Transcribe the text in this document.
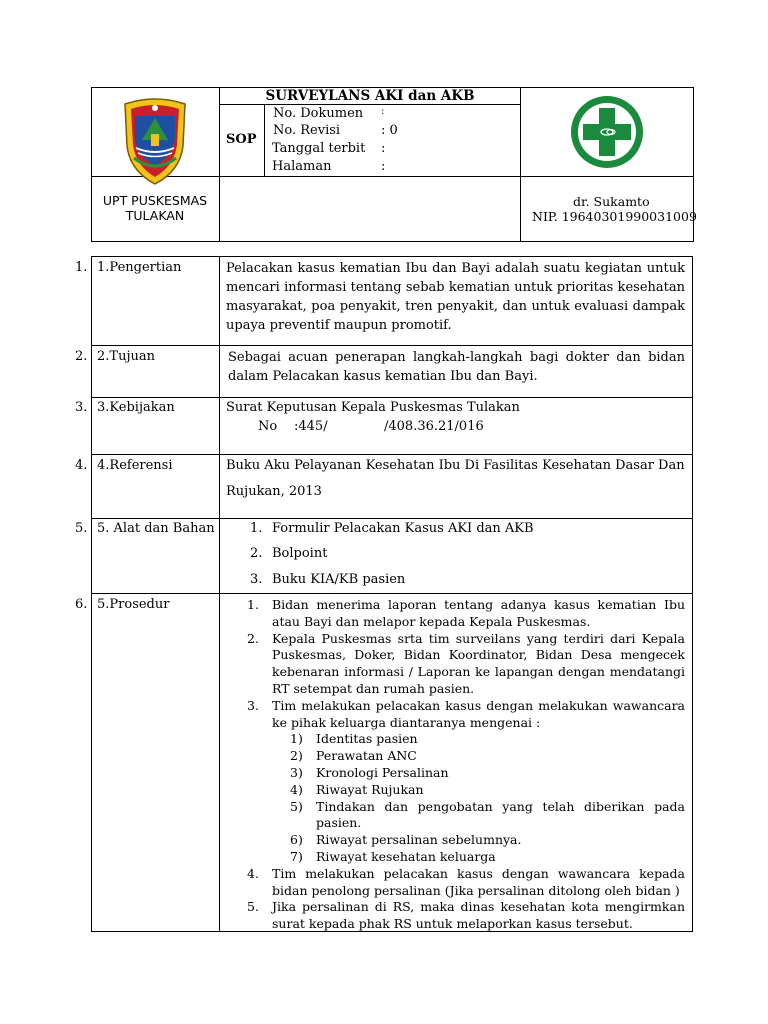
SURVEYLANS AKI dan AKB
SOP
No. Dokumen :
No. Revisi	: 0
Tanggal terbit :
Halaman	:
UPT PUSKESMAS
TULAKAN
dr. Sukamto
NIP. 19640301990031009
1. 1.Pengertian	Pelacakan kasus kematian Ibu dan Bayi adalah suatu kegiatan untuk mencari informasi tentang sebab kematian untuk prioritas kesehatan masyarakat, poa penyakit, tren penyakit, dan untuk evaluasi dampak upaya preventif maupun promotif.
2. 2.Tujuan	Sebagai acuan penerapan langkah-langkah bagi dokter dan bidan dalam Pelacakan kasus kematian Ibu dan Bayi.
3. 3.Kebijakan	Surat Keputusan Kepala Puskesmas Tulakan
No :445/	/408.36.21/016
4. 4.Referensi	Buku Aku Pelayanan Kesehatan Ibu Di Fasilitas Kesehatan Dasar Dan
Rujukan, 2013
5. 5. Alat dan Bahan	1. Formulir Pelacakan Kasus AKI dan AKB
2. Bolpoint
3. Buku KIA/KB pasien
6. 5.Prosedur	1. Bidan menerima laporan tentang adanya kasus kematian Ibu atau Bayi dan melapor kepada Kepala Puskesmas.
2. Kepala Puskesmas srta tim surveilans yang terdiri dari Kepala Puskesmas, Doker, Bidan Koordinator, Bidan Desa mengecek kebenaran informasi / Laporan ke lapangan dengan mendatangi RT setempat dan rumah pasien.
3. Tim melakukan pelacakan kasus dengan melakukan wawancara ke pihak keluarga diantaranya mengenai :
1) Identitas pasien
2) Perawatan ANC
3) Kronologi Persalinan
4) Riwayat Rujukan
5) Tindakan dan pengobatan yang telah diberikan pada pasien.
6) Riwayat persalinan sebelumnya.
7) Riwayat kesehatan keluarga
4. Tim melakukan pelacakan kasus dengan wawancara kepada bidan penolong persalinan (Jika persalinan ditolong oleh bidan )
5. Jika persalinan di RS, maka dinas kesehatan kota mengirmkan surat kepada phak RS untuk melaporkan kasus tersebut.
